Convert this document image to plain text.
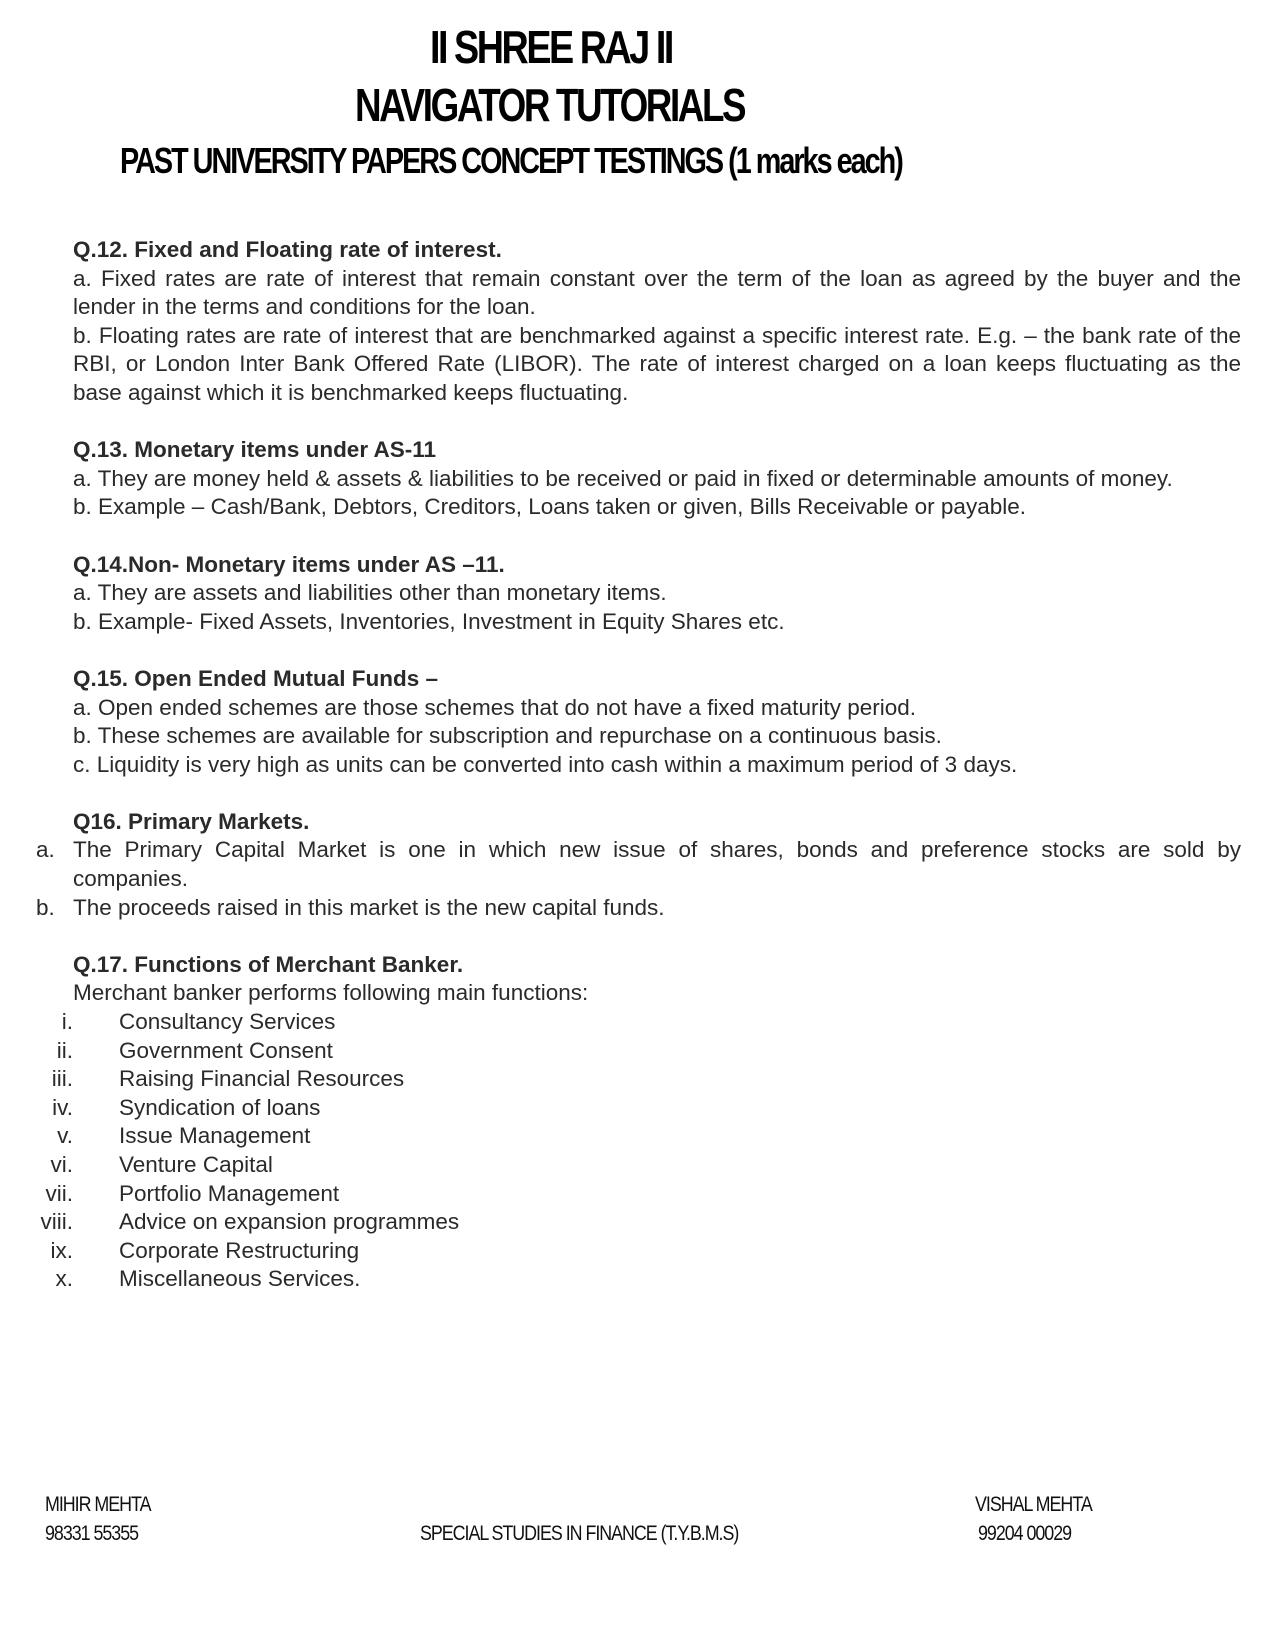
II SHREE RAJ II
NAVIGATOR TUTORIALS
PAST UNIVERSITY PAPERS CONCEPT TESTINGS (1 marks each)
Q.12. Fixed and Floating rate of interest.
a. Fixed rates are rate of interest that remain constant over the term of the loan as agreed by the buyer and the lender in the terms and conditions for the loan.
b. Floating rates are rate of interest that are benchmarked against a specific interest rate. E.g. – the bank rate of the RBI, or London Inter Bank Offered Rate (LIBOR). The rate of interest charged on a loan keeps fluctuating as the base against which it is benchmarked keeps fluctuating.
Q.13. Monetary items under AS-11
a. They are money held & assets & liabilities to be received or paid in fixed or determinable amounts of money.
b. Example – Cash/Bank, Debtors, Creditors, Loans taken or given, Bills Receivable or payable.
Q.14.Non- Monetary items under AS –11.
a. They are assets and liabilities other than monetary items.
b. Example- Fixed Assets, Inventories, Investment in Equity Shares etc.
Q.15. Open Ended Mutual Funds –
a. Open ended schemes are those schemes that do not have a fixed maturity period.
b. These schemes are available for subscription and repurchase on a continuous basis.
c. Liquidity is very high as units can be converted into cash within a maximum period of 3 days.
Q16. Primary Markets.
a. The Primary Capital Market is one in which new issue of shares, bonds and preference stocks are sold by companies.
b. The proceeds raised in this market is the new capital funds.
Q.17. Functions of Merchant Banker.
Merchant banker performs following main functions:
i. Consultancy Services
ii. Government Consent
iii. Raising Financial Resources
iv. Syndication of loans
v. Issue Management
vi. Venture Capital
vii. Portfolio Management
viii. Advice on expansion programmes
ix. Corporate Restructuring
x. Miscellaneous Services.
MIHIR MEHTA
98331 55355	SPECIAL STUDIES IN FINANCE (T.Y.B.M.S)
VISHAL MEHTA
99204 00029
